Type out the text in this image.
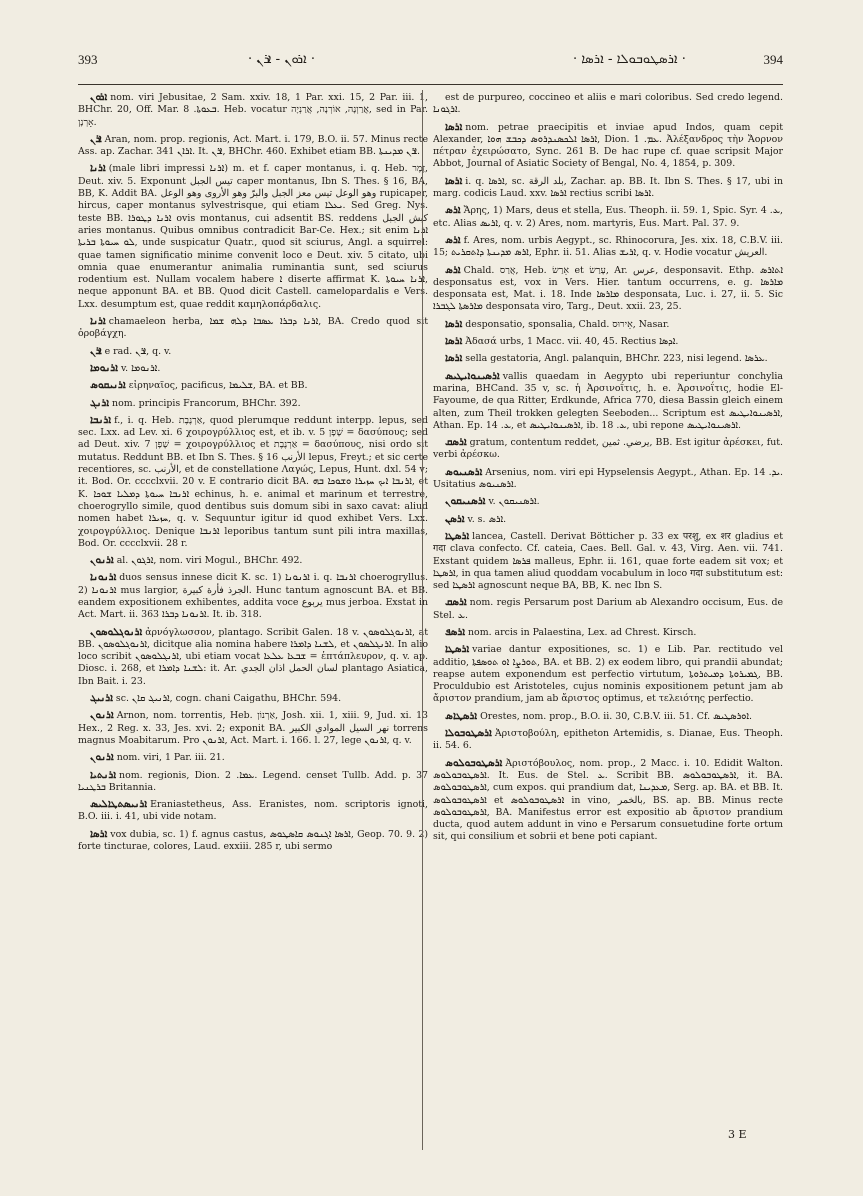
393	· ܐܪܘܢ - ܐܪܢ ·	· ܐܪܣܛܘܒܘܠܐ - ܐܪܣܐ ·	394

ܐܪܘܢ nom. viri Jebusitae, 2 Sam. xxiv. 18, 1 Par. xxi. 15, 2 Par. iii. 1, BHChr. 20, Off. Mar. ܒܥܘܬܐ. 8. Heb. vocatur אֲרַוְנָה, אוֹרְנָה, אֲרַנְיָה, sed in Par. אָרְנָן.

ܐܪܢ Aran, nom. prop. regionis, Act. Mart. i. 179, B.O. ii. 57. Minus recte Ass. ap. Zachar. 341 ܐܪܐܢ. It. ܐܪܢ, BHChr. 460. Exhibet etiam BB. ܐܪܢ ܡܕܝܢܬܐ.

ܐܪܢܐ (male libri impressi ܐܪܢܐ) m. et f. caper montanus, i. q. Heb. זֶמֶר, Deut. xiv. 5. Exponunt تيس الجبل caper montanus, Ibn S. Thes. § 16, BA, BB, K. Addit BA. وهو الوعل تيس معز الجبل والبرّ وهو الأروى وهو الوعل rupicaper, hircus, caper montanus sylvestrisque, qui etiam ܝܥܠܐ. Sed Greg. Nys. teste BB. ܐܪܢܐ ܕܛܘܪܐ ovis montanus, cui adsentit BS. reddens كبش الجبل aries montanus. Quibus omnibus contradicit Bar-Ce. Hex.; sit enim ܐܪܢܐ ܠܘ ܚܝܘܬܐ ܒܪܝܬܐ, unde suspicatur Quatr., quod sit sciurus, Angl. a squirrel: quae tamen significatio minime convenit loco e Deut. xiv. 5 citato, ubi omnia quae enumerantur animalia ruminantia sunt, sed sciurus rodentium est. Nullam vocalem habere ܐ diserte affirmat K. ܐܪܢܐ ܚܝܘܬܐ, neque apponunt BA. et BB. Quod dicit Castell. camelopardalis e Vers. Lxx. desumptum est, quae reddit καμηλοπάρδαλις.

ܐܪܢܐ chamaeleon herba, ܐܪܢܐ ܕܒܪܐ ܥܣܒܐ ܕܠܗ ܫܡܐ, BA. Credo quod sit ὀροβάγχη.

ܐܪܢ e rad. ܐܪܢ, q. v.

ܐܪܢܘܡܐ v. ܐܪܢܘܡܐ.

ܐܪܢܝܩܘܣ εἰρηναῖος, pacificus, ܫܠܝܡܐ, BA. et BB.

ܐܪܢܓ nom. principis Francorum, BHChr. 392.

ܐܪܢܒܐ f., i. q. Heb. אַרְנֶבֶת, quod plerumque reddunt interpp. lepus, sed sec. Lxx. ad Lev. xi. 6 χοιρογρύλλιος est, et ib. v. 5 שָׁפָן = δασύπους; sed ad Deut. xiv. 7 שָׁפָן = χοιρογρύλλιος et אַרְנֶבֶת = δασύπους, nisi ordo sit mutatus. Reddunt BB. et Ibn S. Thes. § 16 الأرنب lepus, Freyt.; et sic certe recentiores, sc. الأرنب, et de constellatione Λαγώς, Lepus, Hunt. dxl. 54 v; it. Bod. Or. cccclxvii. 20 v. E contrario dicit BA. ܐܪܢܒܐ ܐܝܟ ܚܙܝܪܐ ܘܫܘܟܐ ܒܗ, et K. ܐܪܢܒܐ ܚܝܘܬܐ ܕܡܠܝܐ ܫܘܟܐ echinus, h. e. animal et marinum et terrestre, choerogryllo simile, quod dentibus suis domum sibi in saxo cavat: aliud nomen habet ܚܙܝܪܐ, q. v. Sequuntur igitur id quod exhibet Vers. Lxx. χοιρογρύλλιος. Denique ܐܪܢܒܐ leporibus tantum sunt pili intra maxillas, Bod. Or. cccclxvii. 28 r.

ܐܪܢܘܢ al. ܐܪܓܘܢ, nom. viri Mogul., BHChr. 492.

ܐܪܢܘܢܐ duos sensus innese dicit K. sc. 1) ܐܪܢܘܢܐ i. q. ܐܪܢܒܐ choerogryllus. 2) ܐܪܢܘܢܐ mus largior, الجرذ فأرة كبيرة. Hunc tantum agnoscunt BA. et BB. eandem expositionem exhibentes, addita voce يربوع mus jerboa. Exstat in Act. Mart. ii. 363 ܐܪܢܘܢܐ ܕܒܪܐ. It. ib. 318.

ܐܪܢܘܓܠܘܣܘܢ ἀρνόγλωσσον, plantago. Scribit Galen. 18 v. ܐܪܢܘܓܠܘܣܘܢ, at BB. ܐܪܢܘܓܠܘܣܘܢ, dicitque alia nomina habere ܠܫܢܐ ܕܐܡܪܐ, et ܐܪܢܓܠܣܘܢ. In alio loco scribit ܐܪܢܓܠܘܣܘܢ, ubi etiam vocat ܫܒܥܐ ܥܠܥܐ = ἑπτάπλευρον, q. v. ap. Diosc. i. 268, et ܠܫܢܐ ܕܐܡܪܐ: it. Ar. لسان الحمل اذان الجدي plantago Asiatica, Ibn Bait. i. 23.

ܐܪܢܝܓ sc. ܐܪܢܝܓ ܩܐܢ, cogn. chani Caigathu, BHChr. 594.

ܐܪܢܘܢ Arnon, nom. torrentis, Heb. אַרְנוֹן, Josh. xii. 1, xiii. 9, Jud. xi. 13 Hex., 2 Reg. x. 33, Jes. xvi. 2; exponit BA. نهر السيل الموادي الكبير torrens magnus Moabitarum. Pro ܐܪܢܘܢ, Act. Mart. i. 166. l. 27, lege ܐܪܢܘܢ, q. v.

ܐܪܢܘܢ nom. viri, 1 Par. iii. 21.

ܐܪܢܬܝܐ nom. regionis, Dion. ܥܡܐ. 2. Legend. censet Tullb. Add. p. 37 ܒܪܛܢܝܐ Britannia.

ܐܪܢܝܣܬܛܐܠܝܣ Eraniastetheus, Ass. Eranistes, nom. scriptoris ignoti, B.O. iii. i. 41, ubi vide notam.

ܐܪܣܐ vox dubia, sc. 1) f. agnus castus, ܐܪܣܐ ܐܓܢܘܣ ܩܐܣܛܘܣ, Geop. 70. 9. 2) forte tincturae, colores, Laud. exxiii. 285 r, ubi sermo

est de purpureo, coccineo et aliis e mari coloribus. Sed credo legend. ܐܪܓܘܢܐ.

ܐܪܣܐ nom. petrae praecipitis et inviae apud Indos, quam cepit Alexander, ܐܪܣܐ ܐܠܟܣܢܕܪܘܣ ܕܟܒܫ ܗܘܐ, Dion. ܥܡ. 1. Ἀλέξανδρος τὴν Ἄορνον πέτραν ἐχειρώσατο, Sync. 261 B. De hac rupe cf. quae scripsit Major Abbot, Journal of Asiatic Society of Bengal, No. 4, 1854, p. 309.

ܐܪܣܐ i. q. ܐܪܣܐ, sc. بلد الرقة, Zachar. ap. BB. It. Ibn S. Thes. § 17, ubi in marg. codicis Laud. xxv. ܐܪܣܐ rectius scribi ܐܪܣܐ.

ܐܪܣ Ἄρης, 1) Mars, deus et stella, Eus. Theoph. ii. 59. 1, Spic. Syr. ܥ. 4, etc. Alias ܐܪܝܣ, q. v. 2) Ares, nom. martyris, Eus. Mart. Pal. 37. 9.

ܐܪܣ f. Ares, nom. urbis Aegypt., sc. Rhinocorura, Jes. xix. 18, C.B.V. iii. 15; ܐܪܣ ܡܕܝܢܬܐ ܕܐܬܩܪܝܬ, Ephr. ii. 51. Alias ܐܪܝܫ, q. v. Hodie vocatur العريش.

ܐܪܣ Chald. אֲרַס, Heb. אֵרַשׂ et עָרַשׂ, Ar. عرس, desponsavit. Ethp. ܐܬܐܪܣ desponsatus est, vox in Vers. Hier. tantum occurrens, e. g. ܡܐܪܣܐ desponsata est, Mat. i. 18. Inde ܡܐܪܣܐ desponsata, Luc. i. 27, ii. 5. Sic ܡܐܪܣܬܐ ܠܓܒܪܐ desponsata viro, Targ., Deut. xxii. 23, 25.

ܐܪܣܐ desponsatio, sponsalia, Chald. אֵירוּס, Nasar.

ܐܪܣܐ Ἀδασά urbs, 1 Macc. vii. 40, 45. Rectius ܐܕܣܐ.

ܐܪܣܐ sella gestatoria, Angl. palanquin, BHChr. 223, nisi legend. ܥܪܣܐ.

ܐܪܣܝܢܘܐܝܛܝܣ vallis quaedam in Aegypto ubi reperiuntur conchylia marina, BHCand. 35 v, sc. ἡ Ἀρσινοΐτις, h. e. Ἀρσινοΐτις, hodie El-Fayoume, de qua Ritter, Erdkunde, Africa 770, diesa Bassin gleich einem alten, zum Theil trokken gelegten Seeboden... Scriptum est ܐܪܣܝܢܘܐܝܛܝܣ, Athan. Ep. ܥ. 14, et ܐܪܣܝܢܘܐܝܛܝܣ, ib. ܥ. 18, ubi repone ܐܪܣܝܢܘܐܝܛܝܣ.

ܐܪܣܩ gratum, contentum reddet, يرضي. ثمين, BB. Est igitur ἀρέσκει, fut. verbi ἀρέσκω.

ܐܪܣܢܝܘܣ Arsenius, nom. viri epi Hypselensis Aegypt., Athan. Ep. ܝܕ. 14. Usitatius ܐܪܣܢܝܘܣ.

ܐܪܣܢܝܩܘܢ v. ܐܪܣܢܝܩܘܢ.

ܐܪܣܢ v. s. ܐܪܣ.

ܐܪܣܛܐ lancea, Castell. Derivat Bötticher p. 33 ex परशु, ex शर gladius et गदा clava confecto. Cf. cateia, Caes. Bell. Gal. v. 43, Virg. Aen. vii. 741. Exstant quidem ܦܪܣܐ malleus, Ephr. ii. 161, quae forte eadem sit vox; et ܐܪܣܛܐ, in qua tamen aliud quoddam vocabulum in loco गदा substitutum est: sed ܐܪܣܛܐ agnoscunt neque BA, BB, K. nec Ibn S.

ܐܪܣܩ nom. regis Persarum post Darium ab Alexandro occisum, Eus. de Stel. ܥ.

ܐܪܣܦ nom. arcis in Palaestina, Lex. ad Chrest. Kirsch.

ܐܪܣܛܐ variae dantur expositiones, sc. 1) e Lib. Par. rectitudo vel additio, ܬܘܪܨܐ ܐܘ ܬܘܣܦܬܐ, BA. et BB. 2) ex eodem libro, qui prandii abundat; reapse autem exponendum est perfectio virtutum, ܓܡܝܪܘܬܐ ܕܡܝܬܪܘܬܐ, BB. Proculdubio est Aristoteles, cujus nominis expositionem petunt jam ab ἄριστον prandium, jam ab ἄριστος optimus, et τελειότης perfectio.

ܐܪܣܛܐܣ Orestes, nom. prop., B.O. ii. 30, C.B.V. iii. 51. Cf. ܐܘܪܣܛܝܣ.

ܐܪܣܛܘܒܘܠܐ Ἀριστοβούλη, epitheton Artemidis, s. Dianae, Eus. Theoph. ii. 54. 6.

ܐܪܣܛܘܒܘܠܘܣ Ἀριστόβουλος, nom. prop., 2 Macc. i. 10. Edidit Walton. ܐܪܣܛܘܒܘܠܘܣ. It. Eus. de Stel. ܥ. Scribit BB. ܐܪܣܛܘܒܘܠܘܣ, it. BA. ܐܪܣܛܘܒܘܠܘܣ, cum expos. qui prandium dat, ܡܥܕܝܢܐ, Serg. ap. BA. et BB. It. ܐܪܣܛܘܒܘܠܘܣ et ܐܪܣܛܘܒܘܠܘܣ in vino, بالخمر, BS. ap. BB. Minus recte ܐܪܣܛܘܒܘܠܘܣ, BA. Manifestus error est expositio ab ἄριστον prandium ducta, quod autem addunt in vino e Persarum consuetudine forte ortum sit, qui consilium et sobrii et bene poti capiant.

3 E
